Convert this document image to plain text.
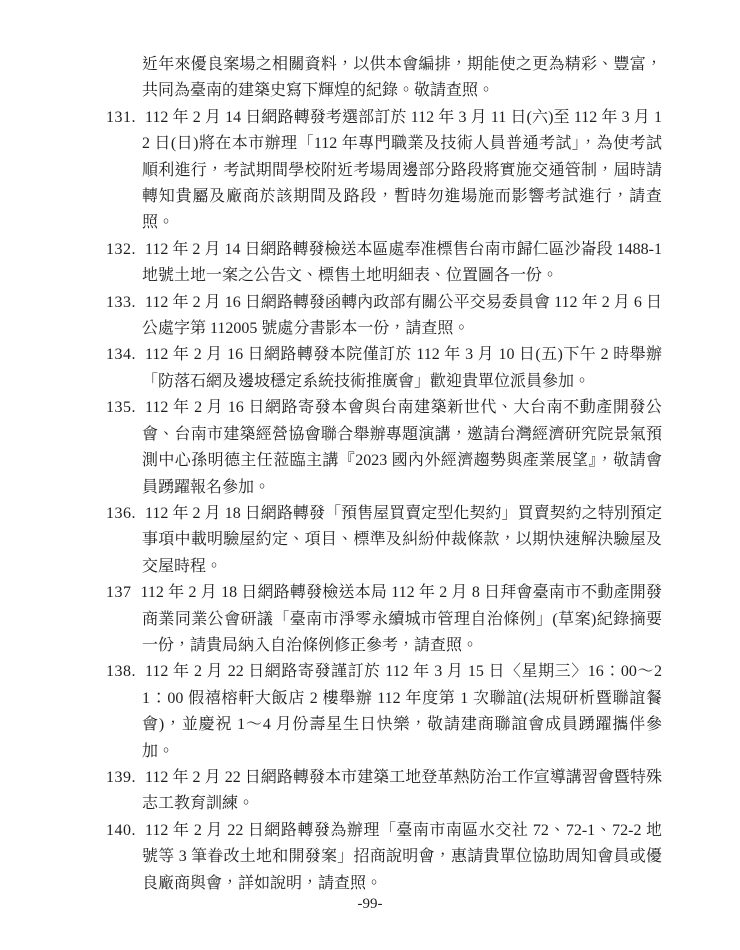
近年來優良案場之相關資料，以供本會編排，期能使之更為精彩、豐富，共同為臺南的建築史寫下輝煌的紀錄。敬請查照。

131. 112 年 2 月 14 日網路轉發考選部訂於 112 年 3 月 11 日(六)至 112 年 3 月 12 日(日)將在本市辦理「112 年專門職業及技術人員普通考試」，為使考試順利進行，考試期間學校附近考場周邊部分路段將實施交通管制，屆時請轉知貴屬及廠商於該期間及路段，暫時勿進場施而影響考試進行，請查照。

132. 112 年 2 月 14 日網路轉發檢送本區處奉准標售台南市歸仁區沙崙段 1488-1 地號土地一案之公告文、標售土地明細表、位置圖各一份。

133. 112 年 2 月 16 日網路轉發函轉內政部有關公平交易委員會 112 年 2 月 6 日公處字第 112005 號處分書影本一份，請查照。

134. 112 年 2 月 16 日網路轉發本院僅訂於 112 年 3 月 10 日(五)下午 2 時舉辦「防落石網及邊坡穩定系統技術推廣會」歡迎貴單位派員參加。

135. 112 年 2 月 16 日網路寄發本會與台南建築新世代、大台南不動產開發公會、台南市建築經營協會聯合舉辦專題演講，邀請台灣經濟研究院景氣預測中心孫明德主任蒞臨主講『2023 國內外經濟趨勢與產業展望』，敬請會員踴躍報名參加。

136. 112 年 2 月 18 日網路轉發「預售屋買賣定型化契約」買賣契約之特別預定事項中載明驗屋約定、項目、標準及糾紛仲裁條款，以期快速解決驗屋及交屋時程。

137 112 年 2 月 18 日網路轉發檢送本局 112 年 2 月 8 日拜會臺南市不動產開發商業同業公會研議「臺南市淨零永續城市管理自治條例」(草案)紀錄摘要一份，請貴局納入自治條例修正參考，請查照。

138. 112 年 2 月 22 日網路寄發謹訂於 112 年 3 月 15 日〈星期三〉16：00～21：00 假禧榕軒大飯店 2 樓舉辦 112 年度第 1 次聯誼(法規研析暨聯誼餐會)，並慶祝 1～4 月份壽星生日快樂，敬請建商聯誼會成員踴躍攜伴參加。

139. 112 年 2 月 22 日網路轉發本市建築工地登革熱防治工作宣導講習會暨特殊志工教育訓練。

140. 112 年 2 月 22 日網路轉發為辦理「臺南市南區水交社 72、72-1、72-2 地號等 3 筆眷改土地和開發案」招商說明會，惠請貴單位協助周知會員或優良廠商與會，詳如說明，請查照。

-99-
